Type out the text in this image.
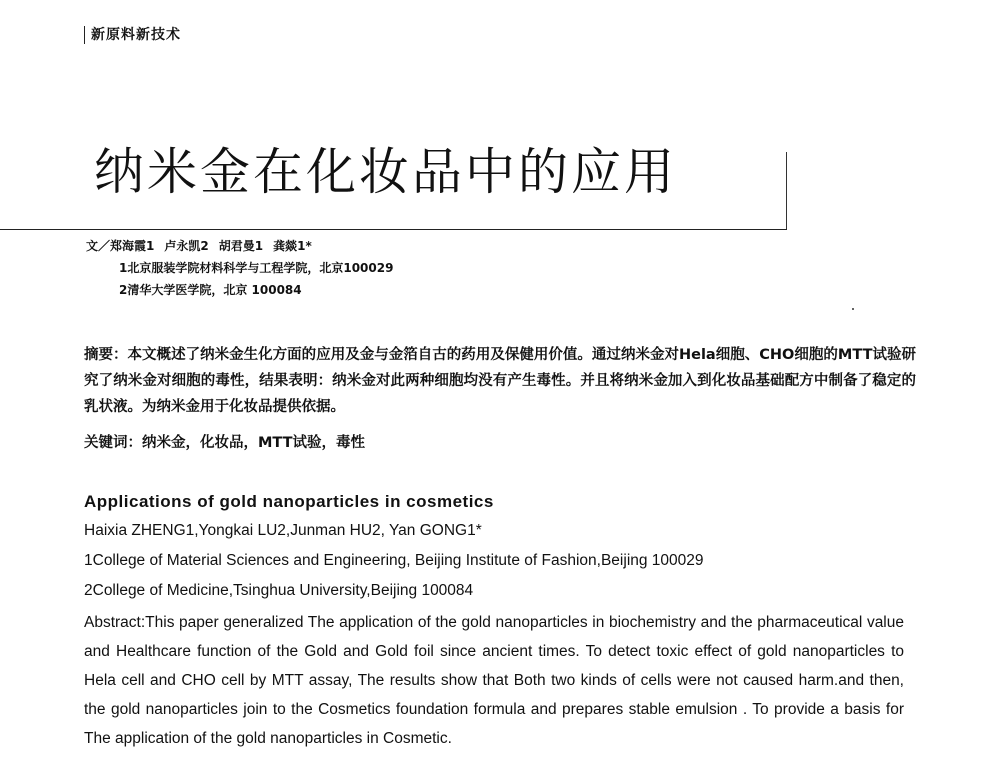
新原料新技术
纳米金在化妆品中的应用
文／郑海霞1 卢永凯2 胡君曼1 龚燚1*
1北京服装学院材料科学与工程学院，北京100029
2清华大学医学院，北京 100084

摘要：本文概述了纳米金生化方面的应用及金与金箔自古的药用及保健用价值。通过纳米金对Hela细胞、CHO细胞的MTT试验研究了纳米金对细胞的毒性，结果表明：纳米金对此两种细胞均没有产生毒性。并且将纳米金加入到化妆品基础配方中制备了稳定的乳状液。为纳米金用于化妆品提供依据。

关键词：纳米金，化妆品，MTT试验，毒性
Applications of gold nanoparticles in cosmetics
Haixia ZHENG1,Yongkai LU2,Junman HU2, Yan GONG1*
1College of Material Sciences and Engineering, Beijing Institute of Fashion,Beijing 100029
2College of Medicine,Tsinghua University,Beijing 100084

Abstract:This paper generalized The application of the gold nanoparticles in biochemistry and the pharmaceutical value and Healthcare function of the Gold and Gold foil since ancient times. To detect toxic effect of gold nanoparticles to Hela cell and CHO cell by MTT assay, The results show that Both two kinds of cells were not caused harm.and then, the gold nanoparticles join to the Cosmetics foundation formula and prepares stable emulsion . To provide a basis for The application of the gold nanoparticles in Cosmetic.
